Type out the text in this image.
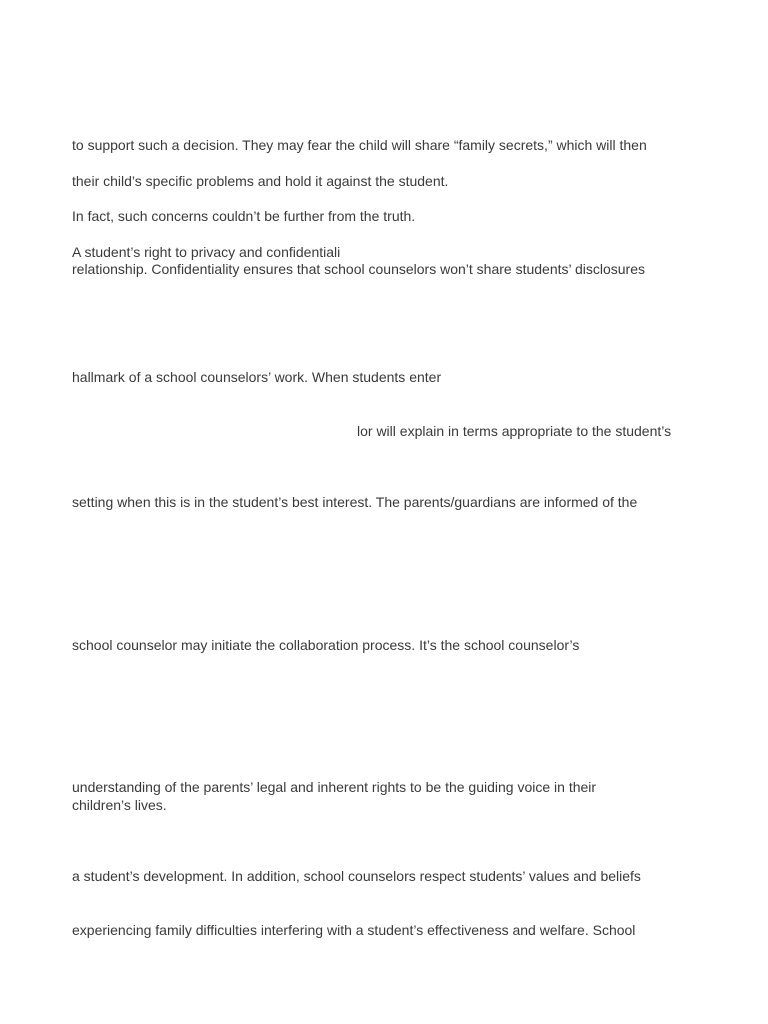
to support such a decision. They may fear the child will share “family secrets,” which will then

their child’s specific problems and hold it against the student.

In fact, such concerns couldn’t be further from the truth.

A student’s right to privacy and confidentiali

relationship. Confidentiality ensures that school counselors won’t share students’ disclosures

hallmark of a school counselors’ work. When students enter

lor will explain in terms appropriate to the student’s

setting when this is in the student’s best interest. The parents/guardians are informed of the

school counselor may initiate the collaboration process. It’s the school counselor’s

understanding of the parents’ legal and inherent rights to be the guiding voice in their

children’s lives.

a student’s development. In addition, school counselors respect students’ values and beliefs

experiencing family difficulties interfering with a student’s effectiveness and welfare. School
